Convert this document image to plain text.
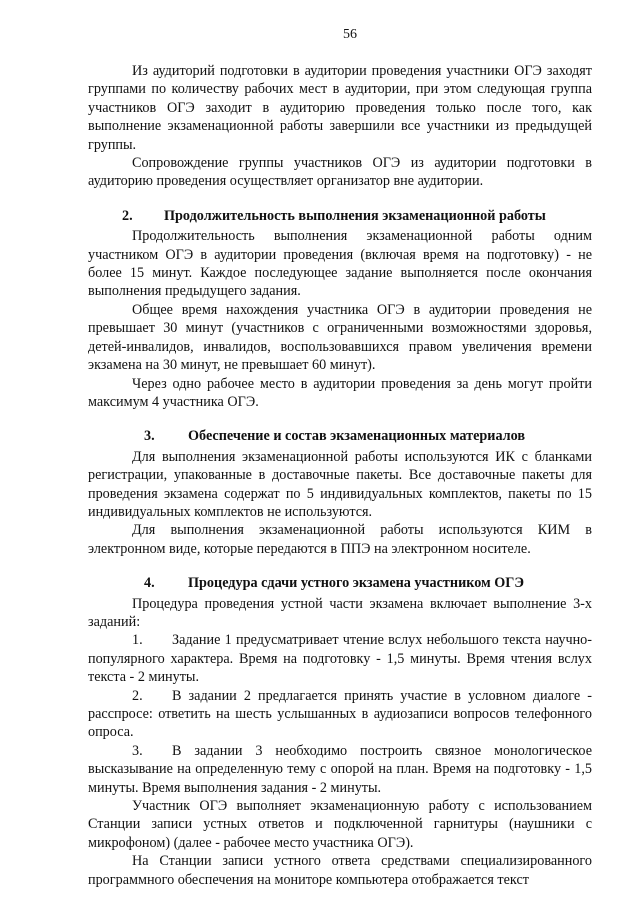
56

Из аудиторий подготовки в аудитории проведения участники ОГЭ заходят группами по количеству рабочих мест в аудитории, при этом следующая группа участников ОГЭ заходит в аудиторию проведения только после того, как выполнение экзаменационной работы завершили все участники из предыдущей группы.

Сопровождение группы участников ОГЭ из аудитории подготовки в аудиторию проведения осуществляет организатор вне аудитории.

2.	Продолжительность выполнения экзаменационной работы

Продолжительность выполнения экзаменационной работы одним участником ОГЭ в аудитории проведения (включая время на подготовку) - не более 15 минут. Каждое последующее задание выполняется после окончания выполнения предыдущего задания.

Общее время нахождения участника ОГЭ в аудитории проведения не превышает 30 минут (участников с ограниченными возможностями здоровья, детей-инвалидов, инвалидов, воспользовавшихся правом увеличения времени экзамена на 30 минут, не превышает 60 минут).

Через одно рабочее место в аудитории проведения за день могут пройти максимум 4 участника ОГЭ.

3.	Обеспечение и состав экзаменационных материалов

Для выполнения экзаменационной работы используются ИК с бланками регистрации, упакованные в доставочные пакеты. Все доставочные пакеты для проведения экзамена содержат по 5 индивидуальных комплектов, пакеты по 15 индивидуальных комплектов не используются.

Для выполнения экзаменационной работы используются КИМ в электронном виде, которые передаются в ППЭ на электронном носителе.

4.	Процедура сдачи устного экзамена участником ОГЭ

Процедура проведения устной части экзамена включает выполнение 3-х заданий:

1. Задание 1 предусматривает чтение вслух небольшого текста научно-популярного характера. Время на подготовку - 1,5 минуты. Время чтения вслух текста - 2 минуты.

2. В задании 2 предлагается принять участие в условном диалоге - расспросе: ответить на шесть услышанных в аудиозаписи вопросов телефонного опроса.

3. В задании 3 необходимо построить связное монологическое высказывание на определенную тему с опорой на план. Время на подготовку - 1,5 минуты. Время выполнения задания - 2 минуты.

Участник ОГЭ выполняет экзаменационную работу с использованием Станции записи устных ответов и подключенной гарнитуры (наушники с микрофоном) (далее - рабочее место участника ОГЭ).

На Станции записи устного ответа средствами специализированного программного обеспечения на мониторе компьютера отображается текст
